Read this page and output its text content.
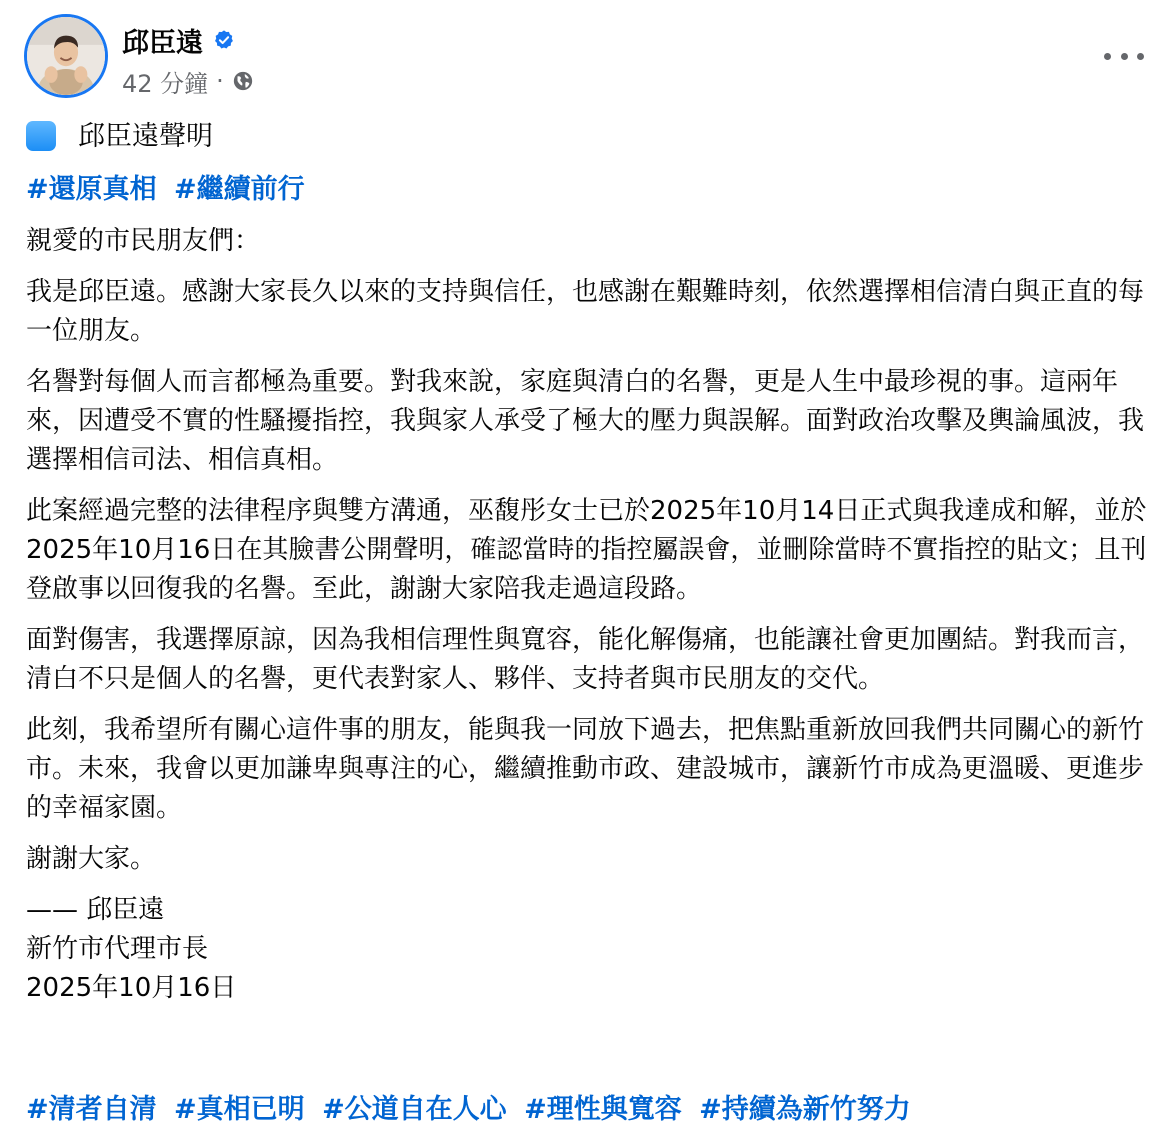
邱臣遠
42 分鐘 ·
邱臣遠聲明
#還原真相 #繼續前行

親愛的市民朋友們：

我是邱臣遠。感謝大家長久以來的支持與信任，也感謝在艱難時刻，依然選擇相信清白與正直的每一位朋友。

名譽對每個人而言都極為重要。對我來說，家庭與清白的名譽，更是人生中最珍視的事。這兩年來，因遭受不實的性騷擾指控，我與家人承受了極大的壓力與誤解。面對政治攻擊及輿論風波，我選擇相信司法、相信真相。

此案經過完整的法律程序與雙方溝通，巫馥彤女士已於2025年10月14日正式與我達成和解，並於2025年10月16日在其臉書公開聲明，確認當時的指控屬誤會，並刪除當時不實指控的貼文；且刊登啟事以回復我的名譽。至此，謝謝大家陪我走過這段路。

面對傷害，我選擇原諒，因為我相信理性與寬容，能化解傷痛，也能讓社會更加團結。對我而言，清白不只是個人的名譽，更代表對家人、夥伴、支持者與市民朋友的交代。

此刻，我希望所有關心這件事的朋友，能與我一同放下過去，把焦點重新放回我們共同關心的新竹市。未來，我會以更加謙卑與專注的心，繼續推動市政、建設城市，讓新竹市成為更溫暖、更進步的幸福家園。

謝謝大家。

—— 邱臣遠
新竹市代理市長
2025年10月16日
#清者自清 #真相已明 #公道自在人心 #理性與寬容 #持續為新竹努力
